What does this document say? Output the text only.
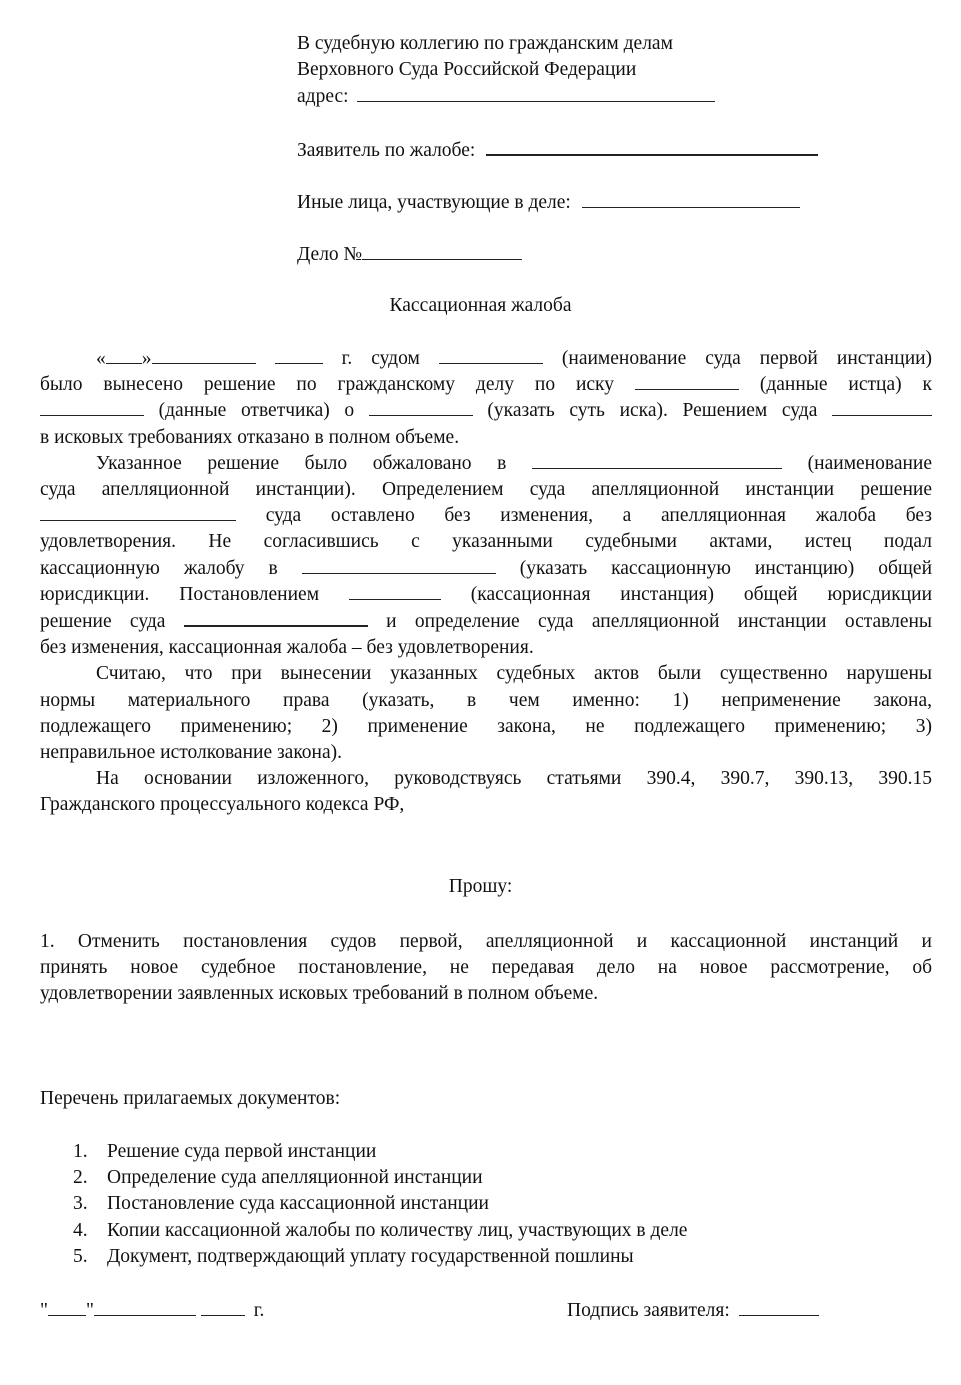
В судебную коллегию по гражданским делам
Верховного Суда Российской Федерации
адрес:
Заявитель по жалобе:
Иные лица, участвующие в деле:
Дело №
Кассационная жалоба
« »	г. судом	(наименование суда первой инстанции)
было вынесено решение по гражданскому делу по иску	(данные истца) к
(данные ответчика) о	(указать суть иска). Решением суда
в исковых требованиях отказано в полном объеме.
Указанное решение было обжаловано в	(наименование
суда апелляционной инстанции). Определением суда апелляционной инстанции решение
суда оставлено без изменения, а апелляционная жалоба без
удовлетворения. Не согласившись с указанными судебными актами, истец подал
кассационную жалобу в	(указать кассационную инстанцию) общей
юрисдикции. Постановлением	(кассационная инстанция) общей юрисдикции
решение суда	и определение суда апелляционной инстанции оставлены
без изменения, кассационная жалоба – без удовлетворения.
Считаю, что при вынесении указанных судебных актов были существенно нарушены
нормы материального права (указать, в чем именно: 1) неприменение закона,
подлежащего применению; 2) применение закона, не подлежащего применению; 3)
неправильное истолкование закона).
На основании изложенного, руководствуясь статьями 390.4, 390.7, 390.13, 390.15
Гражданского процессуального кодекса РФ,
Прошу:
1. Отменить постановления судов первой, апелляционной и кассационной инстанций и
принять новое судебное постановление, не передавая дело на новое рассмотрение, об
удовлетворении заявленных исковых требований в полном объеме.
Перечень прилагаемых документов:
1. Решение суда первой инстанции
2. Определение суда апелляционной инстанции
3. Постановление суда кассационной инстанции
4. Копии кассационной жалобы по количеству лиц, участвующих в деле
5. Документ, подтверждающий уплату государственной пошлины
" "	г.	Подпись заявителя:
